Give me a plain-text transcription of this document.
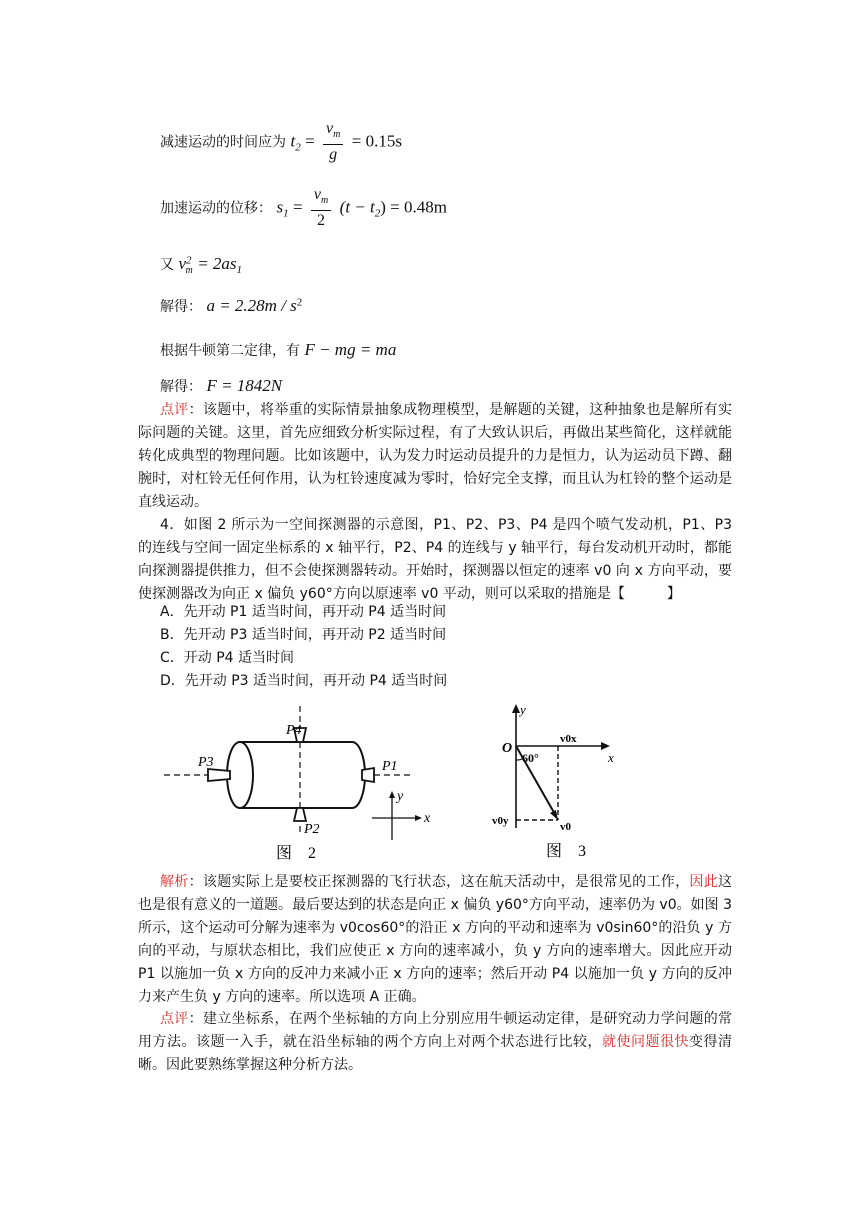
减速运动的时间应为 $t_2 = \frac{v_m}{g} = 0.15s$
加速运动的位移： $s_1 = \frac{v_m}{2} (t - t_2) = 0.48m$
又 $v^2_m = 2as_1$
解得： $a = 2.28m / s^2$
根据牛顿第二定律，有 F − mg = ma
解得： F = 1842N
点评：该题中，将举重的实际情景抽象成物理模型，是解题的关键，这种抽象也是解所有实际问题的关键。这里，首先应细致分析实际过程，有了大致认识后，再做出某些简化，这样就能转化成典型的物理问题。比如该题中，认为发力时运动员提升的力是恒力，认为运动员下蹲、翻腕时，对杠铃无任何作用，认为杠铃速度减为零时，恰好完全支撑，而且认为杠铃的整个运动是直线运动。
4．如图 2 所示为一空间探测器的示意图，P1、P2、P3、P4 是四个喷气发动机，P1、P3 的连线与空间一固定坐标系的 x 轴平行，P2、P4 的连线与 y 轴平行，每台发动机开动时，都能向探测器提供推力，但不会使探测器转动。开始时，探测器以恒定的速率 v0 向 x 方向平动，要使探测器改为向正 x 偏负 y60°方向以原速率 v0 平动，则可以采取的措施是【　　　】
A．先开动 P1 适当时间，再开动 P4 适当时间
B．先开动 P3 适当时间，再开动 P2 适当时间
C．开动 P4 适当时间
D．先开动 P3 适当时间，再开动 P4 适当时间
P4
P3	P1
P2
y
x
图　2
y
O
60°
v0x
x
v0y	v0
图　3
解析：该题实际上是要校正探测器的飞行状态，这在航天活动中，是很常见的工作，因此这也是很有意义的一道题。最后要达到的状态是向正 x 偏负 y60°方向平动，速率仍为 v0。如图 3 所示，这个运动可分解为速率为 v0cos60°的沿正 x 方向的平动和速率为 v0sin60°的沿负 y 方向的平动，与原状态相比，我们应使正 x 方向的速率减小，负 y 方向的速率增大。因此应开动 P1 以施加一负 x 方向的反冲力来减小正 x 方向的速率；然后开动 P4 以施加一负 y 方向的反冲力来产生负 y 方向的速率。所以选项 A 正确。
点评：建立坐标系，在两个坐标轴的方向上分别应用牛顿运动定律，是研究动力学问题的常用方法。该题一入手，就在沿坐标轴的两个方向上对两个状态进行比较，就使问题很快变得清晰。因此要熟练掌握这种分析方法。
